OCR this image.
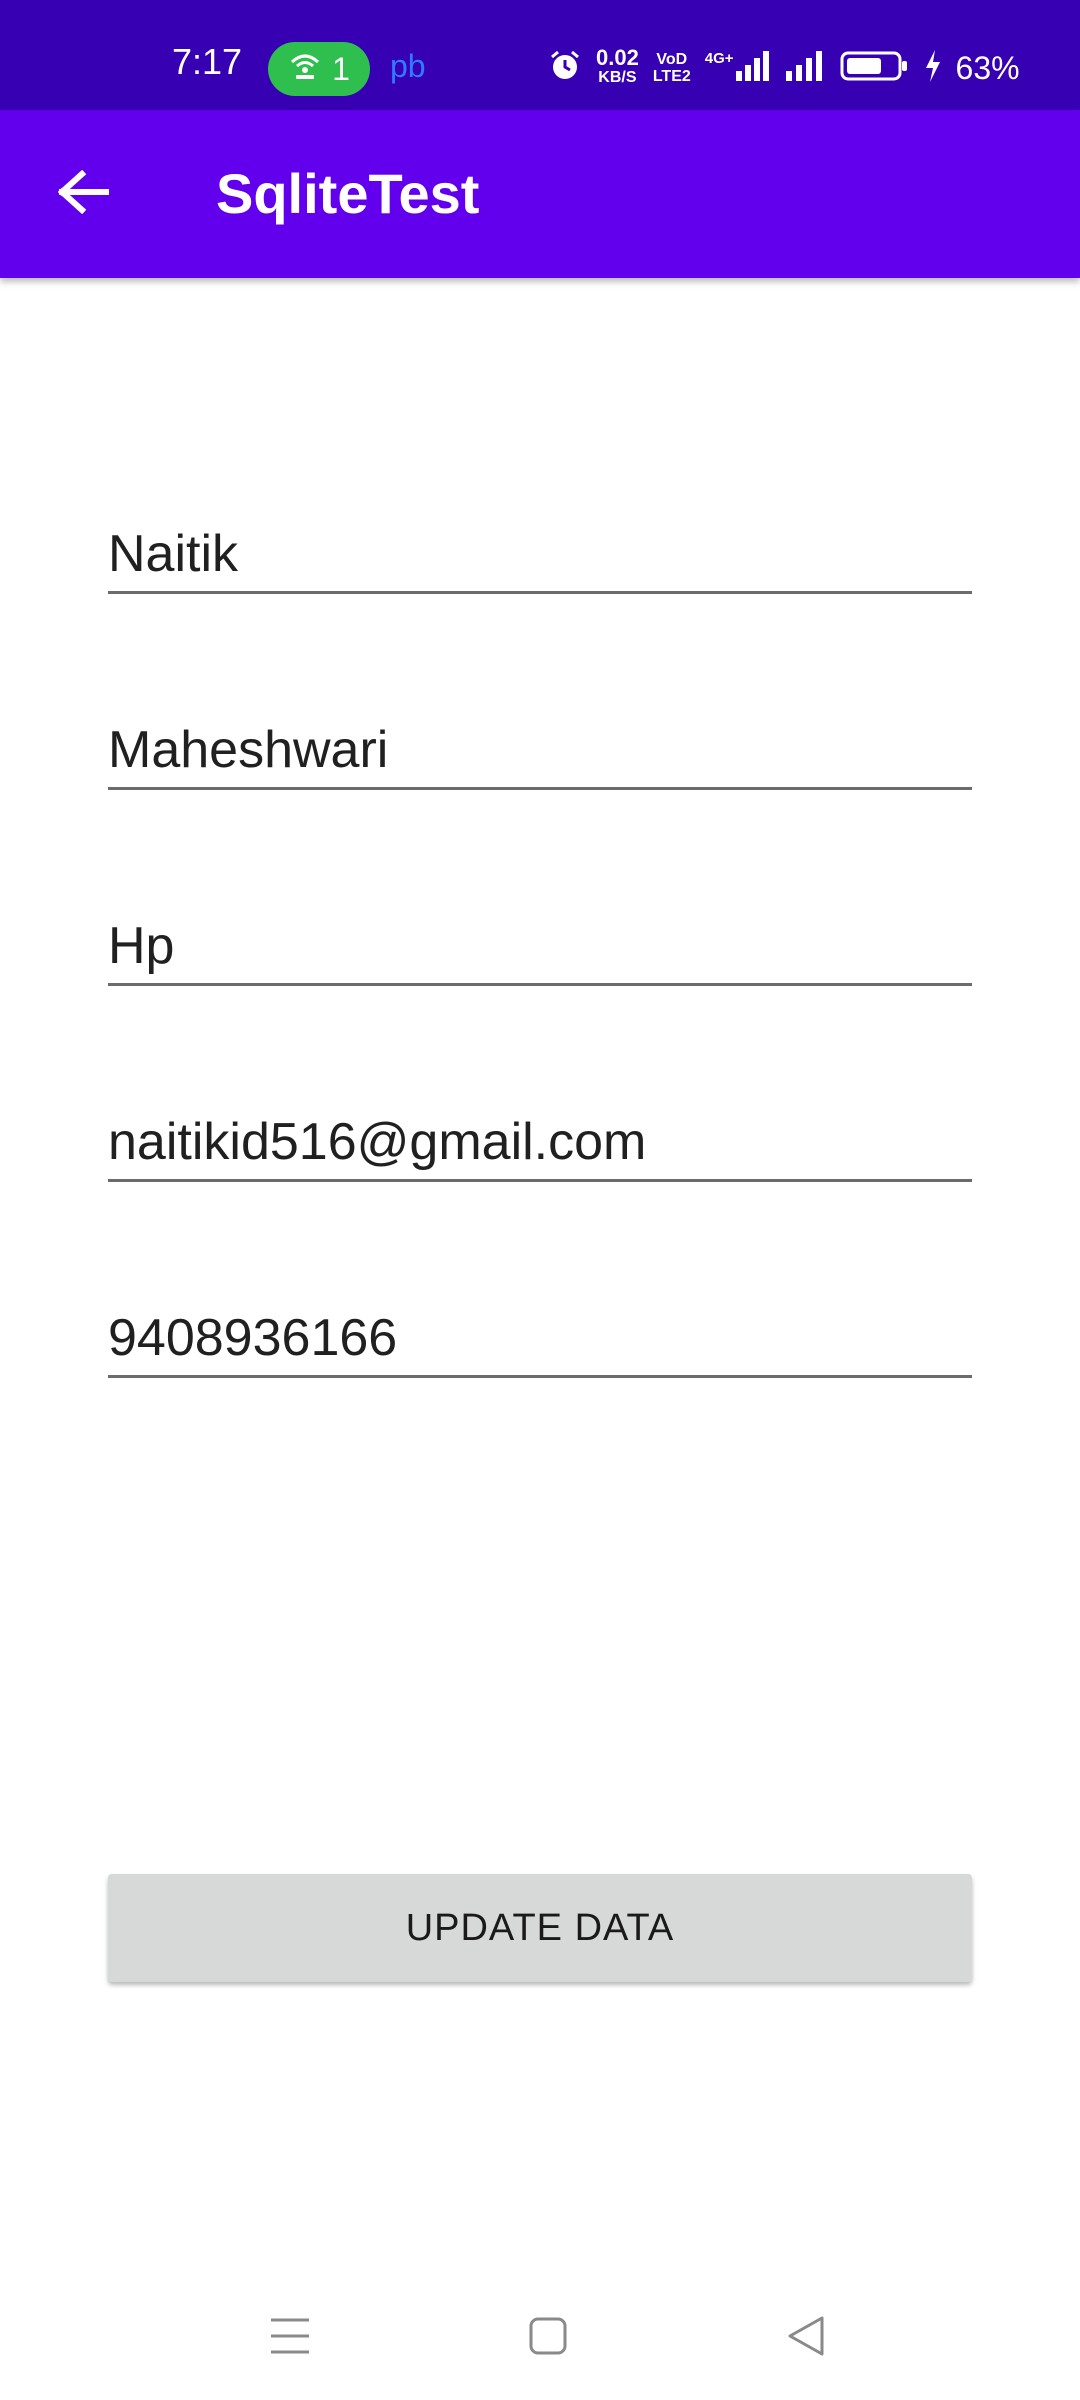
7:17	1 pb	0.02
KB/S
VoD
LTE2
4G+	63%
SqliteTest
Naitik
Maheshwari
Hp
naitikid516@gmail.com
9408936166
UPDATE DATA
